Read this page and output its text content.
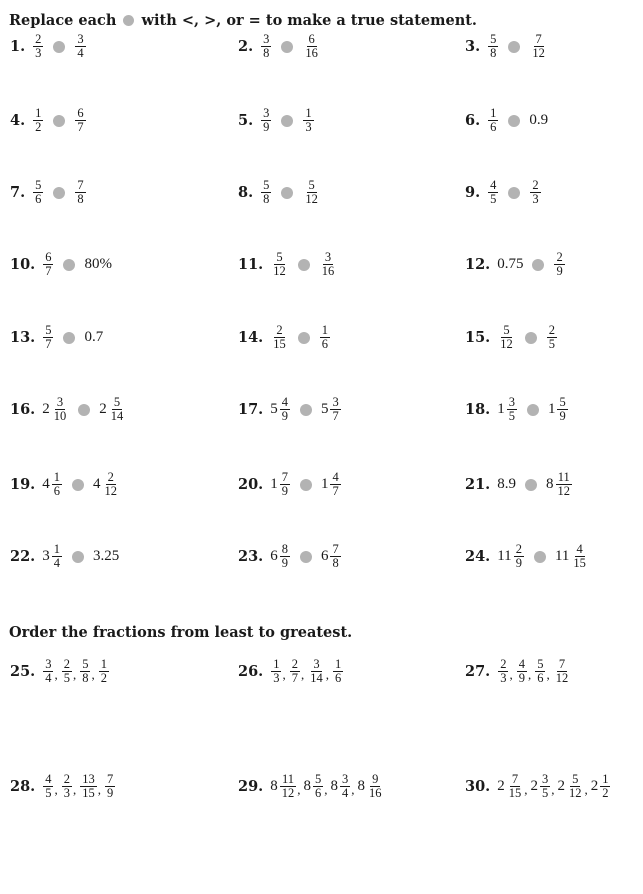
Replace each with <, >, or = to make a true statement.
Order the fractions from least to greatest.
1. $\frac{2}{3}$	$\frac{3}{4}$	2. $\frac{3}{8}$	$\frac{6}{16}$	3. $\frac{5}{8}$	$\frac{7}{12}$
4. $\frac{1}{2}$	$\frac{6}{7}$	5. $\frac{3}{9}$	$\frac{1}{3}$	6. $\frac{1}{6} 0.9$
7. $\frac{5}{6}$	$\frac{7}{8}$	8. $\frac{5}{8}$	$\frac{5}{12}$	9. $\frac{4}{5}$	$\frac{2}{3}$
10. $\frac{6}{7} 80\%$	11. $\frac{5}{12}$	$\frac{3}{16}$	12. $0.75 \frac{2}{9}$
13. $\frac{5}{7} 0.7$	14. $\frac{2}{15}$	$\frac{1}{6}$	15. $\frac{5}{12}$	$\frac{2}{5}$
16. $2 \frac{3}{10} 2 \frac{5}{14}$	17. $5 \frac{4}{9} 5 \frac{3}{7}$	18. $1 \frac{3}{5} 1 \frac{5}{9}$
19. $4 \frac{1}{6} 4 \frac{2}{12}$	20. $1 \frac{7}{9} 1 \frac{4}{7}$	21. 8.9 $8 \frac{11}{12}$
22. $3 \frac{1}{4} 3.25$	23. $6 \frac{8}{9} 6 \frac{7}{8}$	24. $11 \frac{2}{9} 11 \frac{4}{15}$
25. $\frac{3}{4}$ , $\frac{2}{5}$ , $\frac{5}{8}$ , $\frac{1}{2}$	26. $\frac{1}{3}$ , $\frac{2}{7}$ , $\frac{3}{14}$ , $\frac{1}{6}$	27. $\frac{2}{3}$ , $\frac{4}{9}$ , $\frac{5}{6}$ , $\frac{7}{12}$
28. $\frac{4}{5}$ , $\frac{2}{3}$ , $\frac{13}{15}$ , $\frac{7}{9}$	29. $8 \frac{11}{12}$ , $8 \frac{5}{6}$ , $8 \frac{3}{4}$ , $8 \frac{9}{16}$	30. $2 \frac{7}{15}$ , $2 \frac{3}{5}$ , $2 \frac{5}{12}$ , $2 \frac{1}{2}$
